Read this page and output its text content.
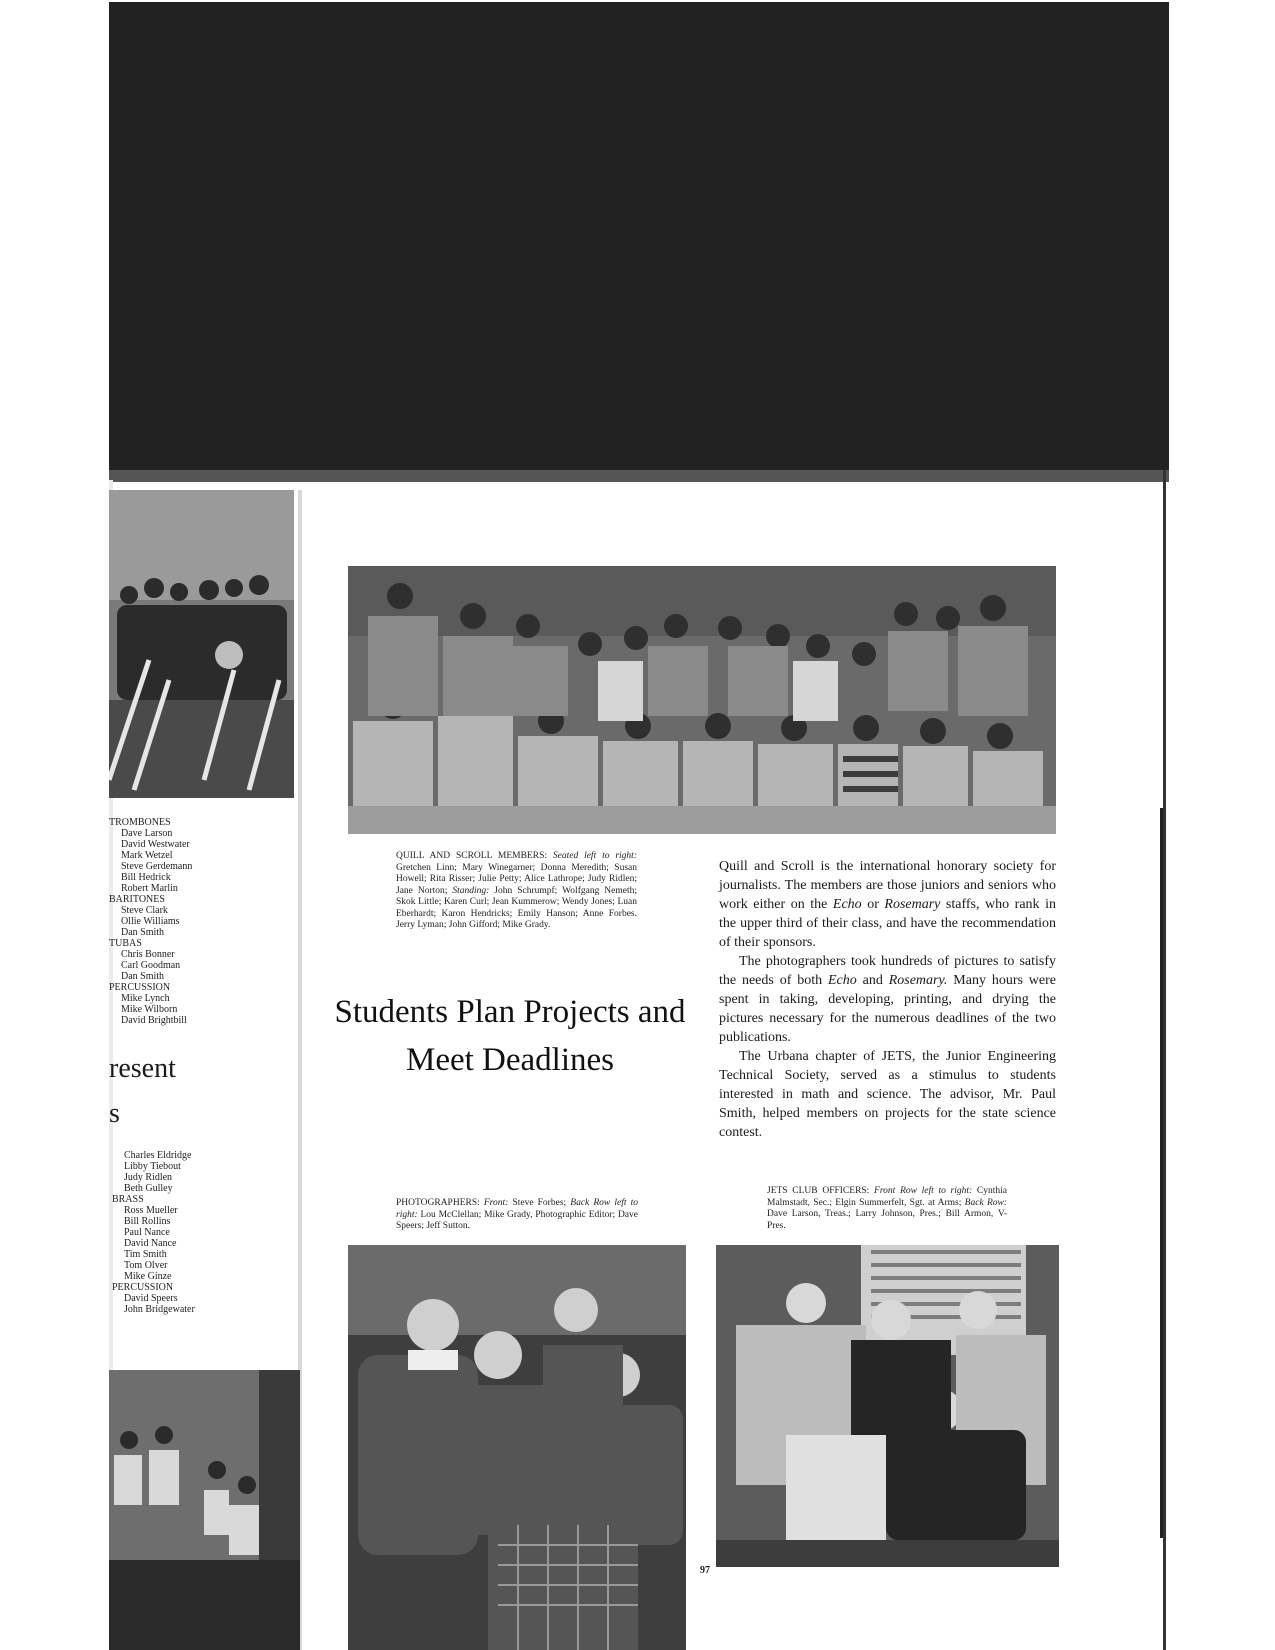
TROMBONES
Dave Larson
David Westwater
Mark Wetzel
Steve Gerdemann
Bill Hedrick
Robert Marlin
BARITONES
Steve Clark
Ollie Williams
Dan Smith
TUBAS
Chris Bonner
Carl Goodman
Dan Smith
PERCUSSION
Mike Lynch
Mike Wilborn
David Brightbill
resent
s
Charles Eldridge
Libby Tiebout
Judy Ridlen
Beth Gulley
BRASS
Ross Mueller
Bill Rollins
Paul Nance
David Nance
Tim Smith
Tom Olver
Mike Ginze
PERCUSSION
David Speers
John Bridgewater
QUILL AND SCROLL MEMBERS: Seated left to right: Gretchen Linn; Mary Winegarner; Donna Meredith; Susan Howell; Rita Risser; Julie Petty; Alice Lathrope; Judy Ridlen; Jane Norton; Standing: John Schrumpf; Wolfgang Nemeth; Skok Little; Karen Curl; Jean Kummerow; Wendy Jones; Luan Eberhardt; Karon Hendricks; Emily Hanson; Anne Forbes. Jerry Lyman; John Gifford; Mike Grady.
Students Plan Projects and
Meet Deadlines

Quill and Scroll is the international honorary society for journalists. The members are those juniors and seniors who work either on the Echo or Rosemary staffs, who rank in the upper third of their class, and have the recommendation of their sponsors.

The photographers took hundreds of pictures to satisfy the needs of both Echo and Rosemary. Many hours were spent in taking, developing, printing, and drying the pictures necessary for the numerous deadlines of the two publications.

The Urbana chapter of JETS, the Junior Engineering Technical Society, served as a stimulus to students interested in math and science. The advisor, Mr. Paul Smith, helped members on projects for the state science contest.

PHOTOGRAPHERS: Front: Steve Forbes; Back Row left to right: Lou McClellan; Mike Grady, Photographic Editor; Dave Speers; Jeff Sutton.
JETS CLUB OFFICERS: Front Row left to right: Cynthia Malmstadt, Sec.; Elgin Summerfelt, Sgt. at Arms; Back Row: Dave Larson, Treas.; Larry Johnson, Pres.; Bill Armon, V-Pres.
97
